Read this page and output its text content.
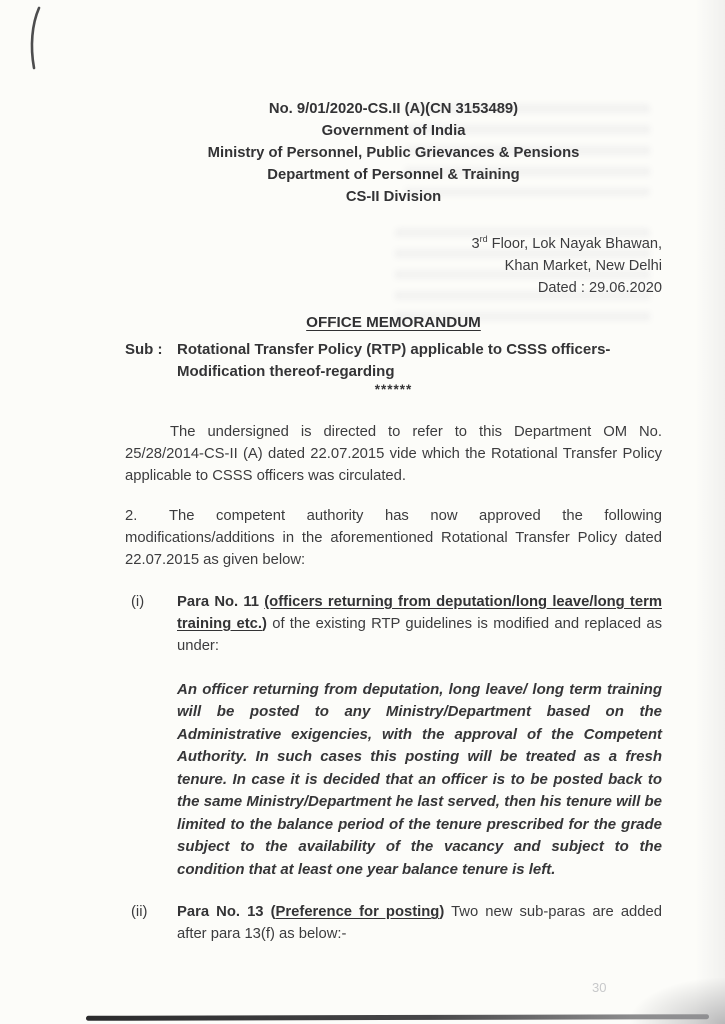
No. 9/01/2020-CS.II (A)(CN 3153489)
Government of India
Ministry of Personnel, Public Grievances & Pensions
Department of Personnel & Training
CS-II Division
3rd Floor, Lok Nayak Bhawan,
Khan Market, New Delhi
Dated : 29.06.2020
OFFICE MEMORANDUM
Sub : Rotational Transfer Policy (RTP) applicable to CSSS officers-
Modification thereof-regarding
******
The undersigned is directed to refer to this Department OM No. 25/28/2014-CS-II (A) dated 22.07.2015 vide which the Rotational Transfer Policy applicable to CSSS officers was circulated.
2. The competent authority has now approved the following modifications/additions in the aforementioned Rotational Transfer Policy dated 22.07.2015 as given below:
(i)	Para No. 11 (officers returning from deputation/long leave/long term training etc.) of the existing RTP guidelines is modified and replaced as under:
An officer returning from deputation, long leave/ long term training will be posted to any Ministry/Department based on the Administrative exigencies, with the approval of the Competent Authority. In such cases this posting will be treated as a fresh tenure. In case it is decided that an officer is to be posted back to the same Ministry/Department he last served, then his tenure will be limited to the balance period of the tenure prescribed for the grade subject to the availability of the vacancy and subject to the condition that at least one year balance tenure is left.
(ii)	Para No. 13 (Preference for posting) Two new sub-paras are added after para 13(f) as below:-
30
